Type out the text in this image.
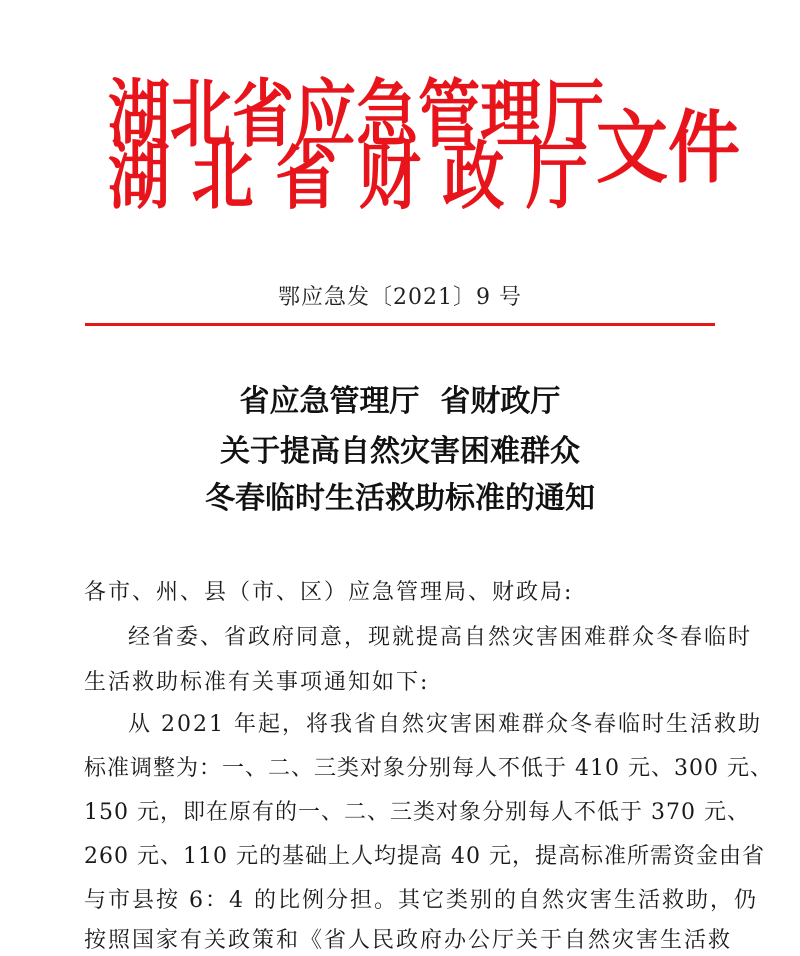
湖 北 省 应 急 管 理 厅
湖 北 省 财 政 厅 文件
鄂应急发〔2021〕9 号
省应急管理厅  省财政厅
关于提高自然灾害困难群众
冬春临时生活救助标准的通知
各市、州、县（市、区）应急管理局、财政局:
经省委、省政府同意，现就提高自然灾害困难群众冬春临时
生活救助标准有关事项通知如下:
从 2021 年起，将我省自然灾害困难群众冬春临时生活救助
标准调整为：一、二、三类对象分别每人不低于 410 元、300 元、
150 元，即在原有的一、二、三类对象分别每人不低于 370 元、
260 元、110 元的基础上人均提高 40 元，提高标准所需资金由省
与市县按 6：4 的比例分担。其它类别的自然灾害生活救助，仍
按照国家有关政策和《省人民政府办公厅关于自然灾害生活救
